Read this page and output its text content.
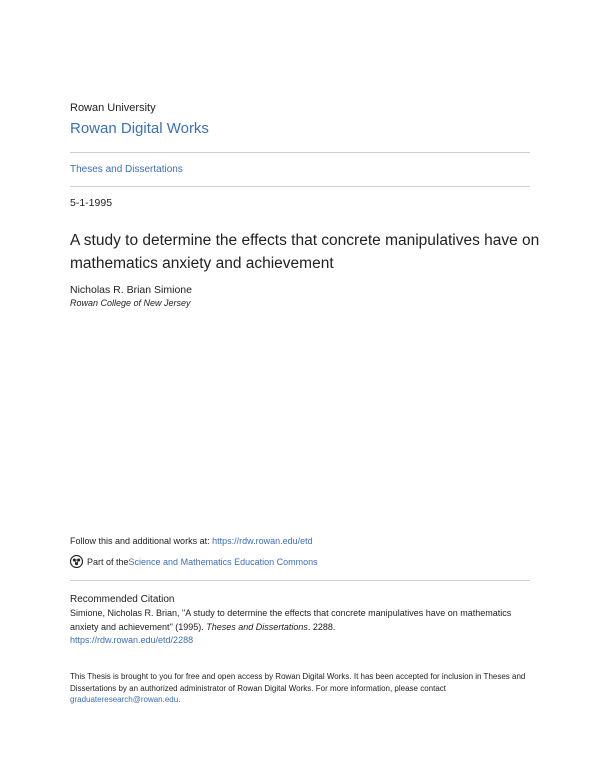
Rowan University
Rowan Digital Works
Theses and Dissertations
5-1-1995
A study to determine the effects that concrete manipulatives have on mathematics anxiety and achievement
Nicholas R. Brian Simione
Rowan College of New Jersey
Follow this and additional works at: https://rdw.rowan.edu/etd
Part of the Science and Mathematics Education Commons
Recommended Citation
Simione, Nicholas R. Brian, "A study to determine the effects that concrete manipulatives have on mathematics anxiety and achievement" (1995). Theses and Dissertations. 2288.
https://rdw.rowan.edu/etd/2288
This Thesis is brought to you for free and open access by Rowan Digital Works. It has been accepted for inclusion in Theses and Dissertations by an authorized administrator of Rowan Digital Works. For more information, please contact graduateresearch@rowan.edu.
